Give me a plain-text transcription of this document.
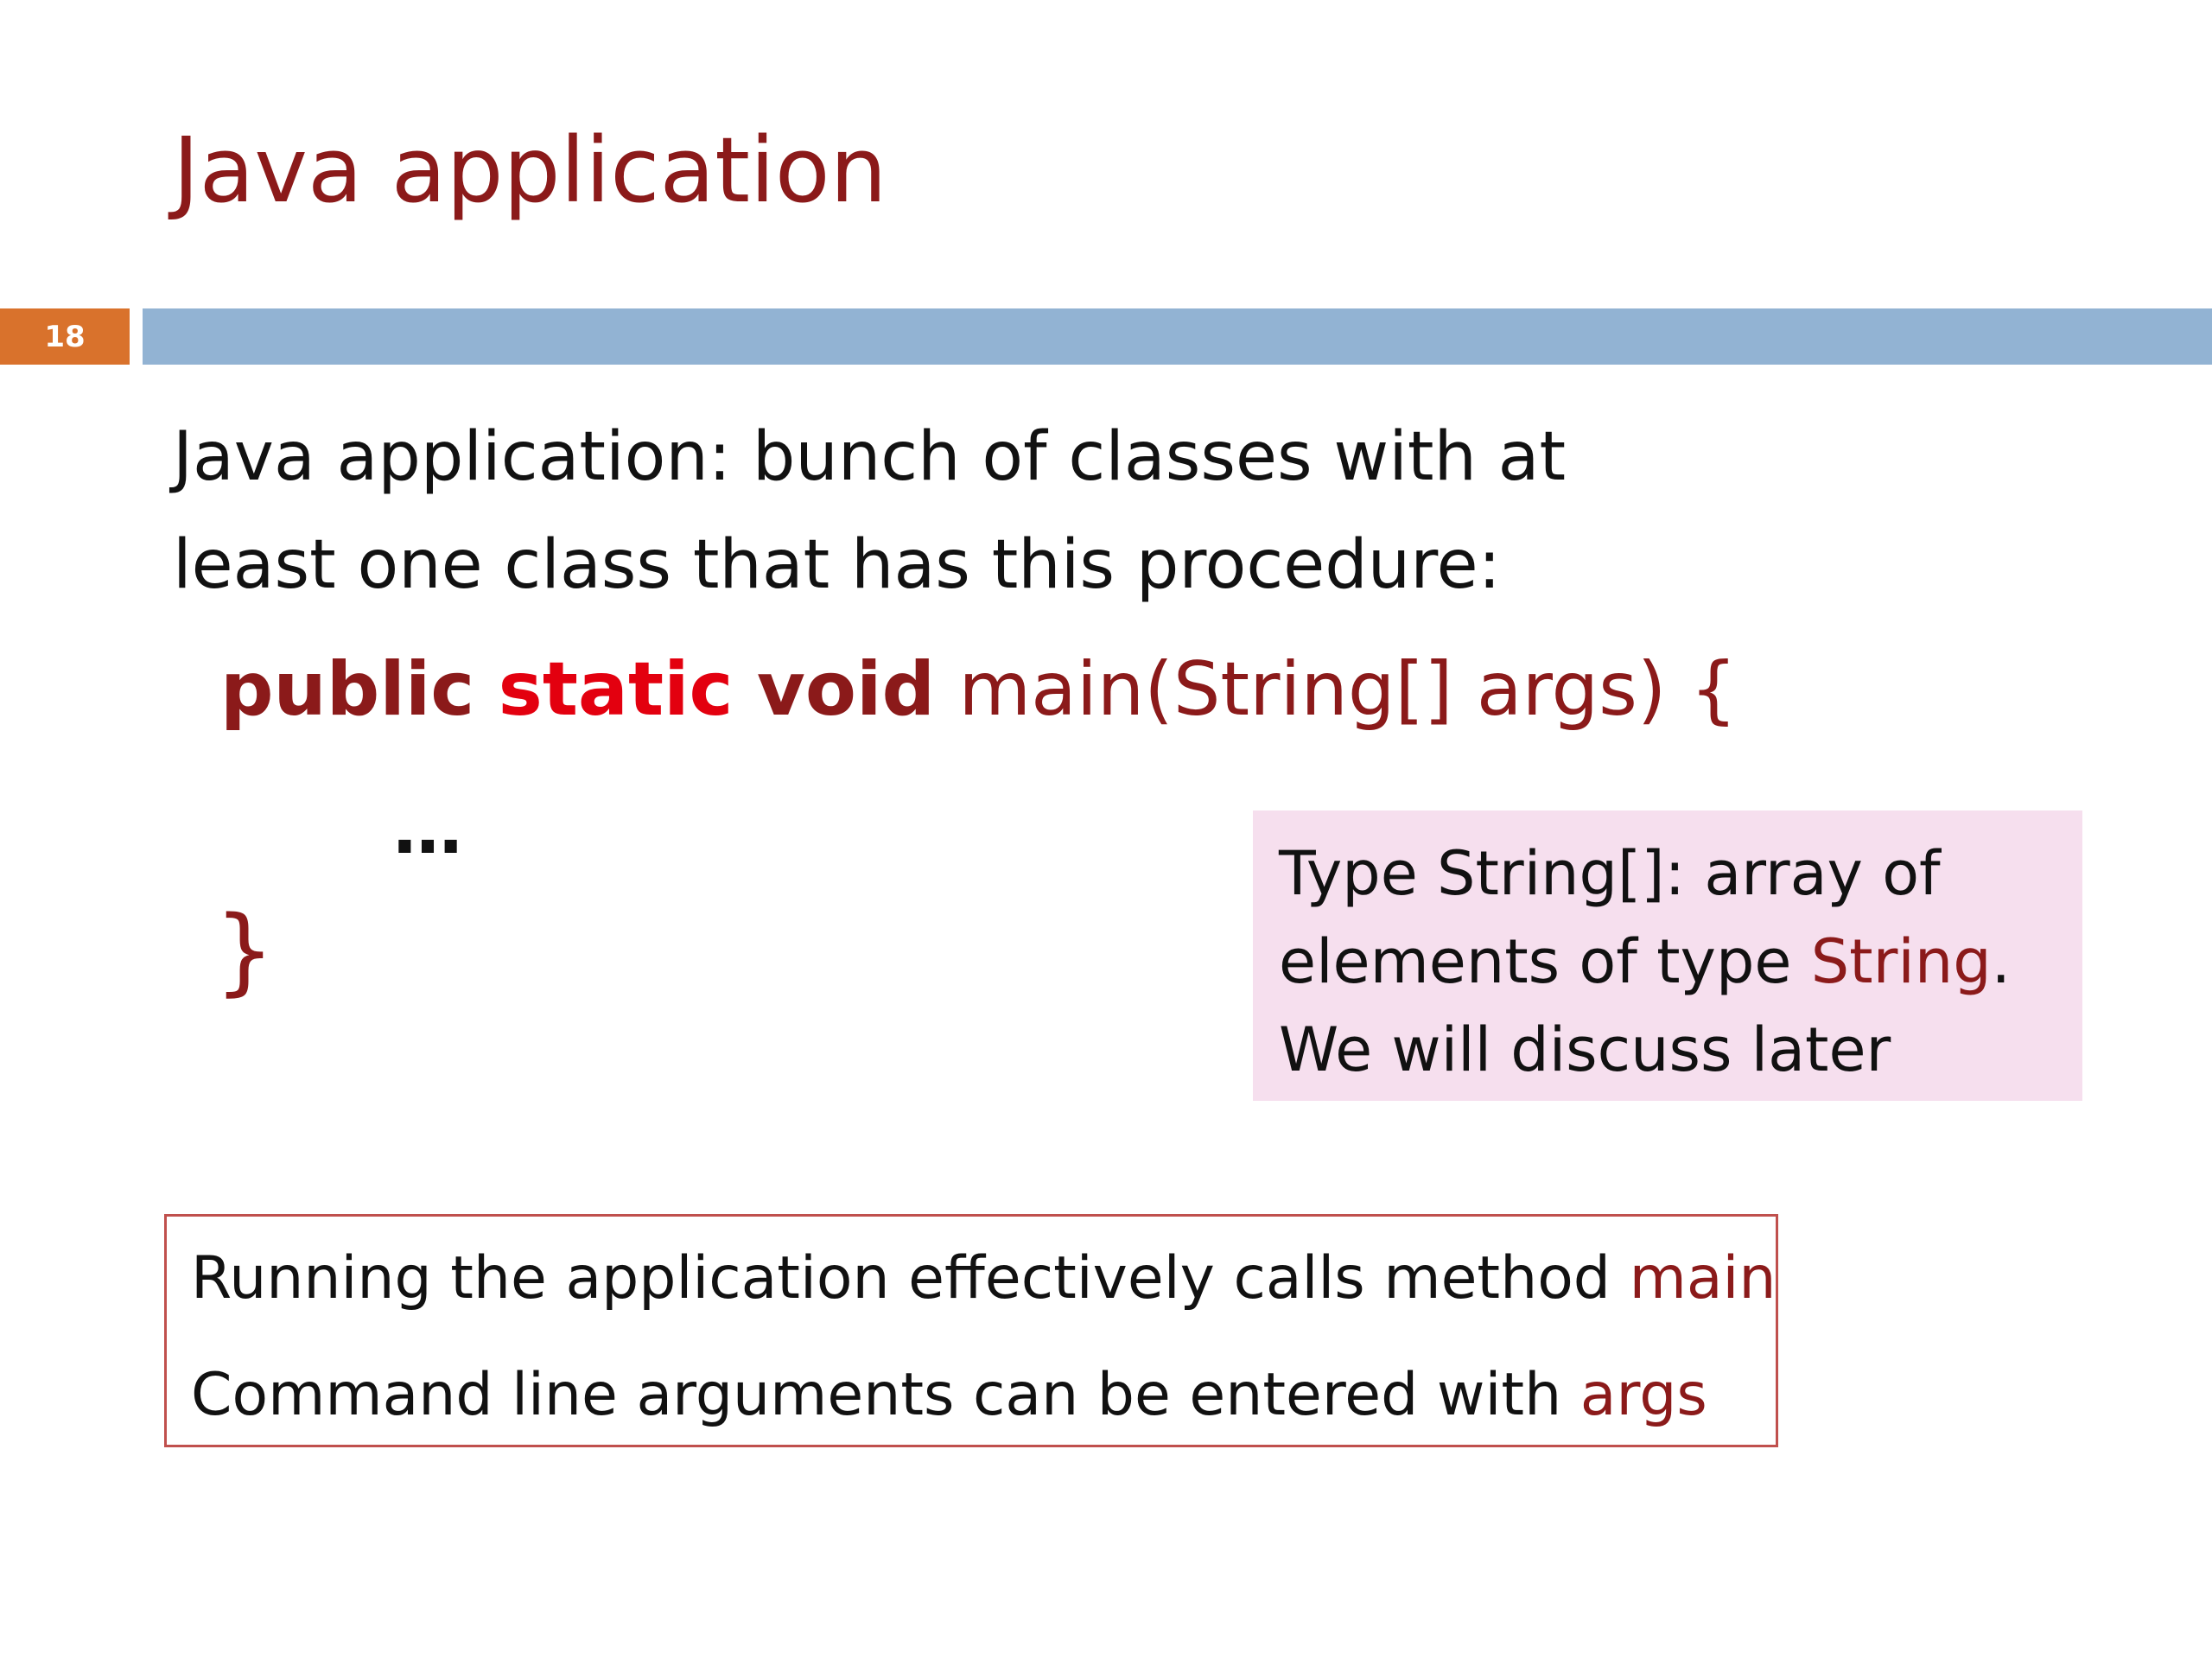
Java application
18
Java application: bunch of classes with at
least one class that has this procedure:
public static void main(String[] args) {
…
}
Type String[]: array of
elements of type String.
We will discuss later
Running the application effectively calls method main
Command line arguments can be entered with args
